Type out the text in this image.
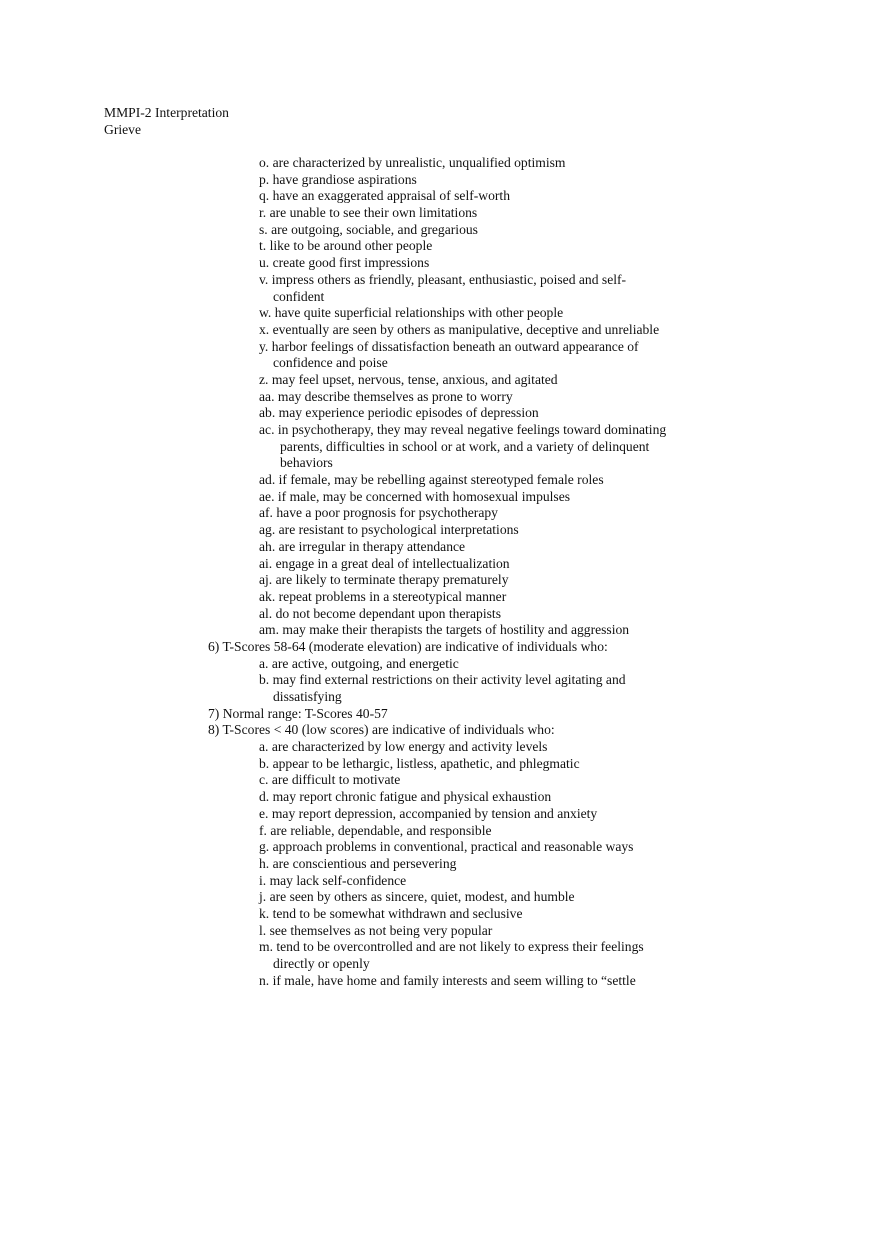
MMPI-2 Interpretation
Grieve
o. are characterized by unrealistic, unqualified optimism
p. have grandiose aspirations
q. have an exaggerated appraisal of self-worth
r. are unable to see their own limitations
s. are outgoing, sociable, and gregarious
t. like to be around other people
u. create good first impressions
v. impress others as friendly, pleasant, enthusiastic, poised and self-
confident
w. have quite superficial relationships with other people
x. eventually are seen by others as manipulative, deceptive and unreliable
y. harbor feelings of dissatisfaction beneath an outward appearance of
confidence and poise
z. may feel upset, nervous, tense, anxious, and agitated
aa. may describe themselves as prone to worry
ab. may experience periodic episodes of depression
ac. in psychotherapy, they may reveal negative feelings toward dominating
parents, difficulties in school or at work, and a variety of delinquent
behaviors
ad. if female, may be rebelling against stereotyped female roles
ae. if male, may be concerned with homosexual impulses
af. have a poor prognosis for psychotherapy
ag. are resistant to psychological interpretations
ah. are irregular in therapy attendance
ai. engage in a great deal of intellectualization
aj. are likely to terminate therapy prematurely
ak. repeat problems in a stereotypical manner
al. do not become dependant upon therapists
am. may make their therapists the targets of hostility and aggression
6) T-Scores 58-64 (moderate elevation) are indicative of individuals who:
a. are active, outgoing, and energetic
b. may find external restrictions on their activity level agitating and
dissatisfying
7) Normal range: T-Scores 40-57
8) T-Scores < 40 (low scores) are indicative of individuals who:
a. are characterized by low energy and activity levels
b. appear to be lethargic, listless, apathetic, and phlegmatic
c. are difficult to motivate
d. may report chronic fatigue and physical exhaustion
e. may report depression, accompanied by tension and anxiety
f. are reliable, dependable, and responsible
g. approach problems in conventional, practical and reasonable ways
h. are conscientious and persevering
i. may lack self-confidence
j. are seen by others as sincere, quiet, modest, and humble
k. tend to be somewhat withdrawn and seclusive
l. see themselves as not being very popular
m. tend to be overcontrolled and are not likely to express their feelings
directly or openly
n. if male, have home and family interests and seem willing to “settle
